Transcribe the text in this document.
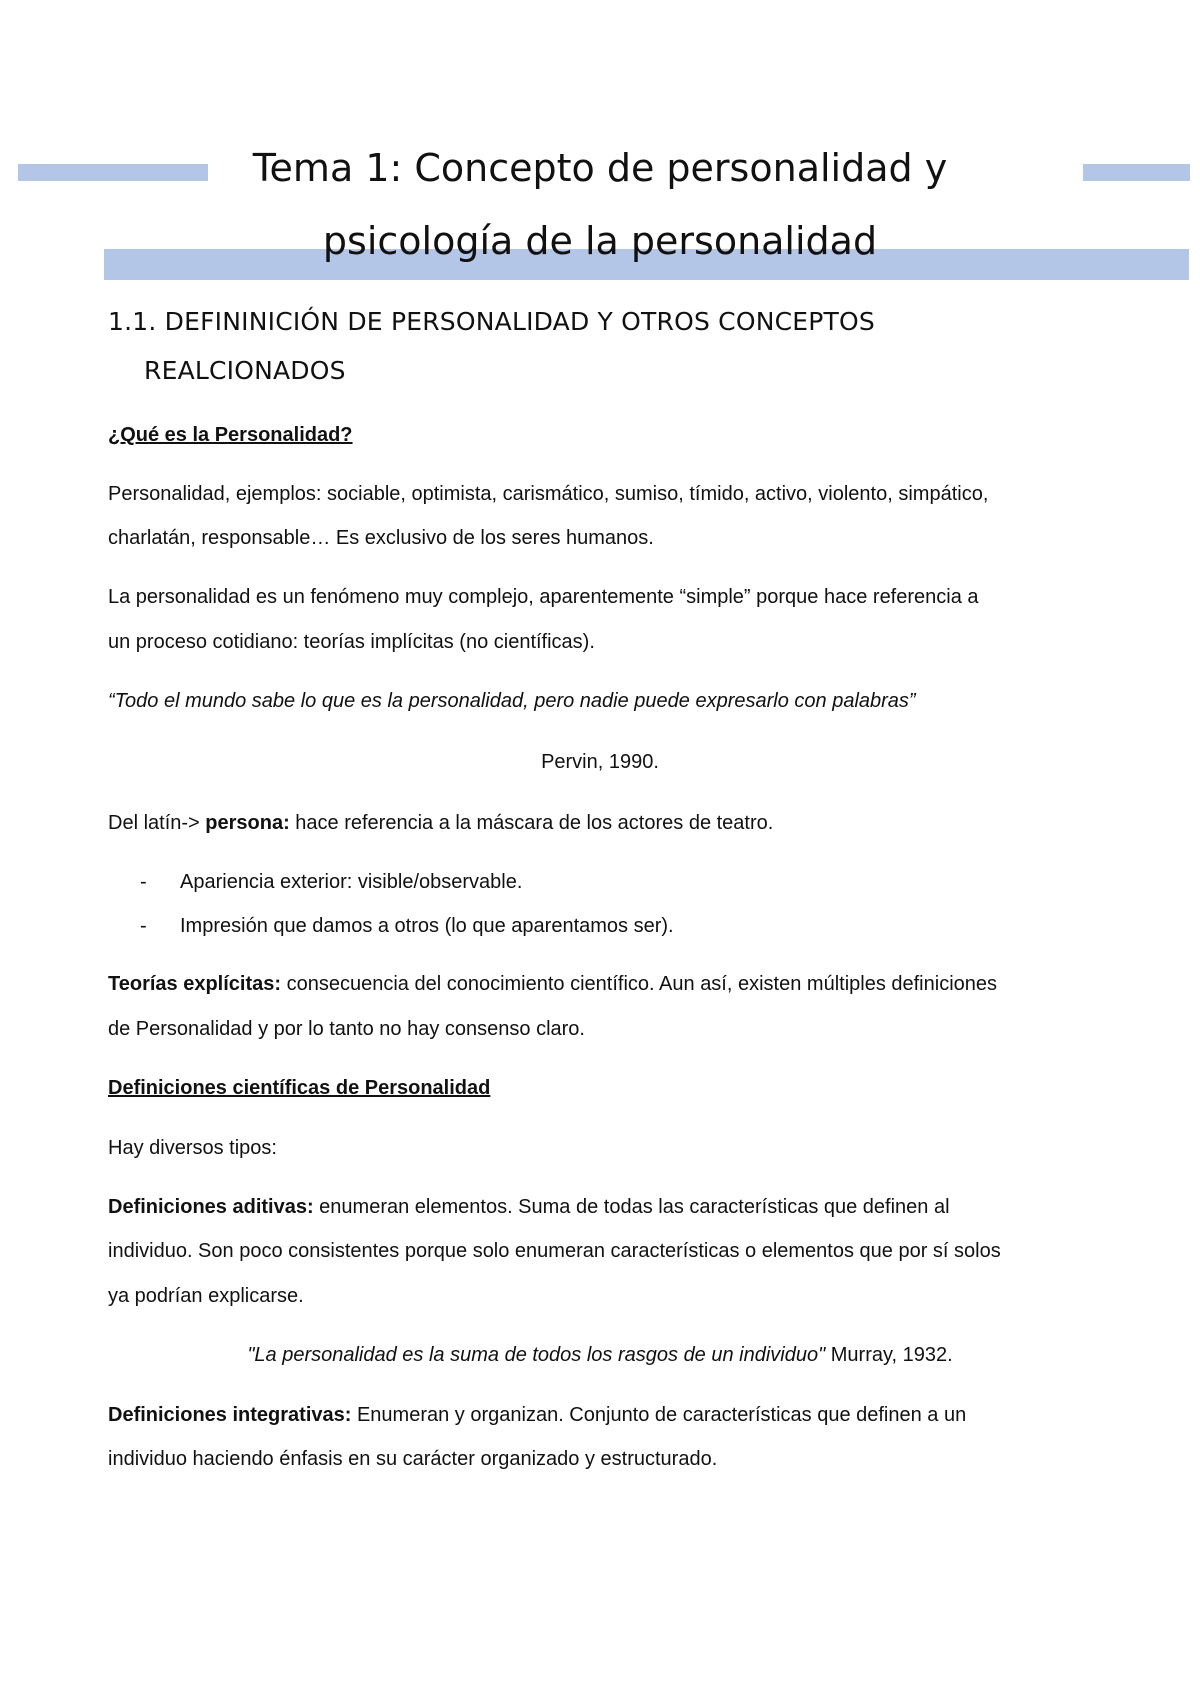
Tema 1: Concepto de personalidad y
psicología de la personalidad
1.1. DEFININICIÓN DE PERSONALIDAD Y OTROS CONCEPTOS
REALCIONADOS
¿Qué es la Personalidad?
Personalidad, ejemplos: sociable, optimista, carismático, sumiso, tímido, activo, violento, simpático,
charlatán, responsable… Es exclusivo de los seres humanos.
La personalidad es un fenómeno muy complejo, aparentemente “simple” porque hace referencia a
un proceso cotidiano: teorías implícitas (no científicas).
“Todo el mundo sabe lo que es la personalidad, pero nadie puede expresarlo con palabras”
Pervin, 1990.
Del latín-> persona: hace referencia a la máscara de los actores de teatro.
- Apariencia exterior: visible/observable.
- Impresión que damos a otros (lo que aparentamos ser).
Teorías explícitas: consecuencia del conocimiento científico. Aun así, existen múltiples definiciones
de Personalidad y por lo tanto no hay consenso claro.
Definiciones científicas de Personalidad
Hay diversos tipos:
Definiciones aditivas: enumeran elementos. Suma de todas las características que definen al
individuo. Son poco consistentes porque solo enumeran características o elementos que por sí solos
ya podrían explicarse.
"La personalidad es la suma de todos los rasgos de un individuo" Murray, 1932.
Definiciones integrativas: Enumeran y organizan. Conjunto de características que definen a un
individuo haciendo énfasis en su carácter organizado y estructurado.
